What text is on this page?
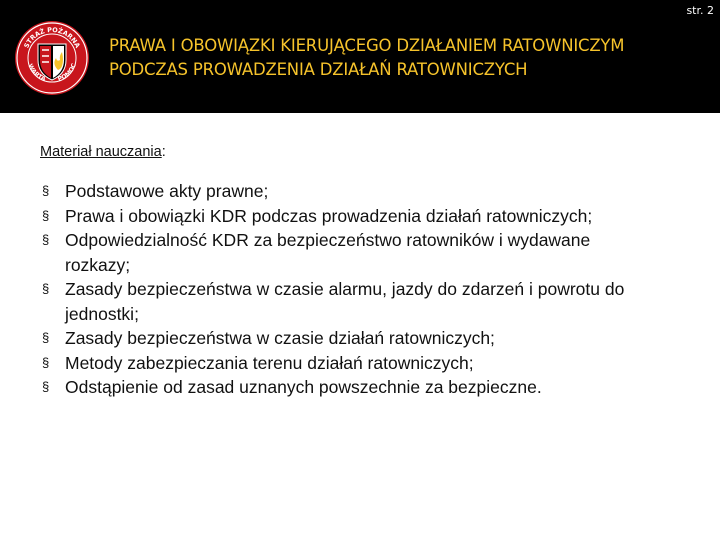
str. 2
STRAŻ POŻARNA
WARTA POMOC
PRAWA I OBOWIĄZKI KIERUJĄCEGO DZIAŁANIEM RATOWNICZYM
PODCZAS PROWADZENIA DZIAŁAŃ RATOWNICZYCH
Materiał nauczania:
§ Podstawowe akty prawne;
§ Prawa i obowiązki KDR podczas prowadzenia działań ratowniczych;
§ Odpowiedzialność KDR za bezpieczeństwo ratowników i wydawane rozkazy;
§ Zasady bezpieczeństwa w czasie alarmu, jazdy do zdarzeń i powrotu do jednostki;
§ Zasady bezpieczeństwa w czasie działań ratowniczych;
§ Metody zabezpieczania terenu działań ratowniczych;
§ Odstąpienie od zasad uznanych powszechnie za bezpieczne.
